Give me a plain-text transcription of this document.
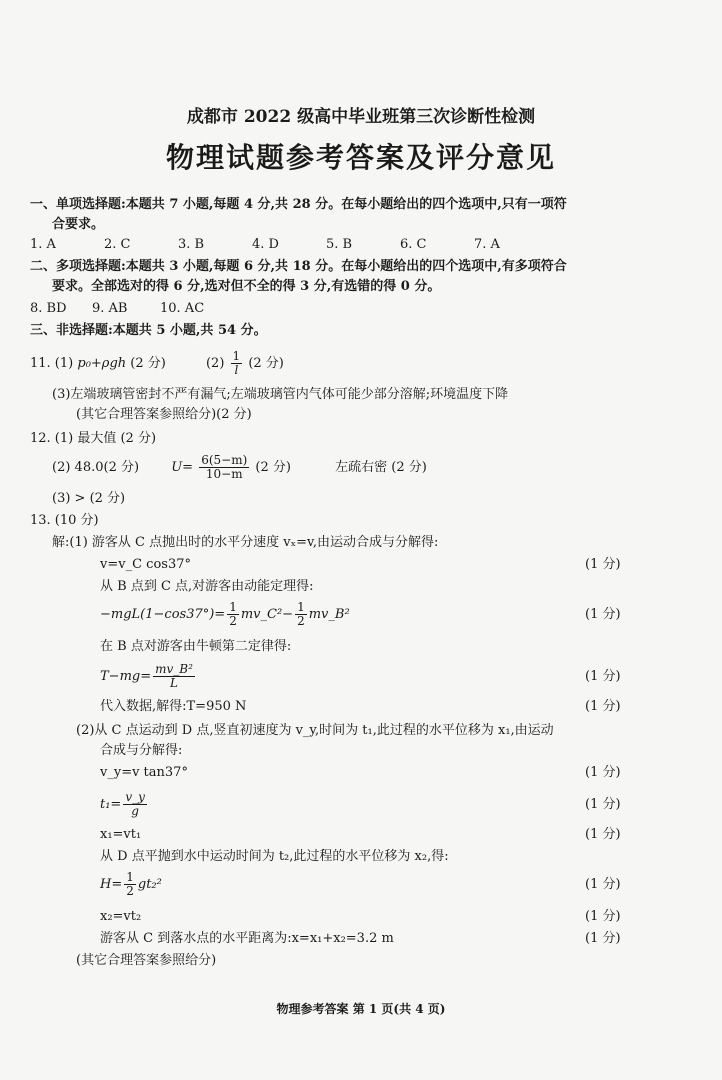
成都市 2022 级高中毕业班第三次诊断性检测
物理试题参考答案及评分意见
一、单项选择题:本题共 7 小题,每题 4 分,共 28 分。在每小题给出的四个选项中,只有一项符
合要求。
1. A	2. C	3. B	4. D	5. B	6. C	7. A
二、多项选择题:本题共 3 小题,每题 6 分,共 18 分。在每小题给出的四个选项中,有多项符合
要求。全部选对的得 6 分,选对但不全的得 3 分,有选错的得 0 分。
8. BD 9. AB	10. AC
三、非选择题:本题共 5 小题,共 54 分。
11. (1) p₀+ρgh (2 分)	$(2) \frac{1}{l} (2$ 分)
(3)左端玻璃管密封不严有漏气;左端玻璃管内气体可能少部分溶解;环境温度下降
(其它合理答案参照给分)(2 分)
12. (1) 最大值 (2 分)
(2) 48.0(2 分) $U= \frac{6(5-m)}{10-m} (2$ 分)	左疏右密 (2 分)
(3) > (2 分)
13. (10 分)
解:(1) 游客从 C 点抛出时的水平分速度 vₓ=v,由运动合成与分解得:
v=v_C cos37°	(1 分)
从 B 点到 C 点,对游客由动能定理得:
$-mgL(1-\cos 37^\circ)= \frac{1}{2}$ mv_C²− $\frac{1}{2}$ mv_B²	(1 分)
在 B 点对游客由牛顿第二定律得:
$T-mg= \frac{\text{mv\_B²}}{L}$	(1 分)
代入数据,解得:T=950 N	(1 分)
(2)从 C 点运动到 D 点,竖直初速度为 v_y,时间为 t₁,此过程的水平位移为 x₁,由运动
合成与分解得:
v_y=v tan37°	(1 分)
$t_1= \frac{v\_y}{g}$	(1 分)
x₁=vt₁	(1 分)
从 D 点平抛到水中运动时间为 t₂,此过程的水平位移为 x₂,得:
$H= \frac{1}{2} gt_2^2$	(1 分)
x₂=vt₂	(1 分)
游客从 C 到落水点的水平距离为:x=x₁+x₂=3.2 m	(1 分)
(其它合理答案参照给分)
物理参考答案 第 1 页(共 4 页)
